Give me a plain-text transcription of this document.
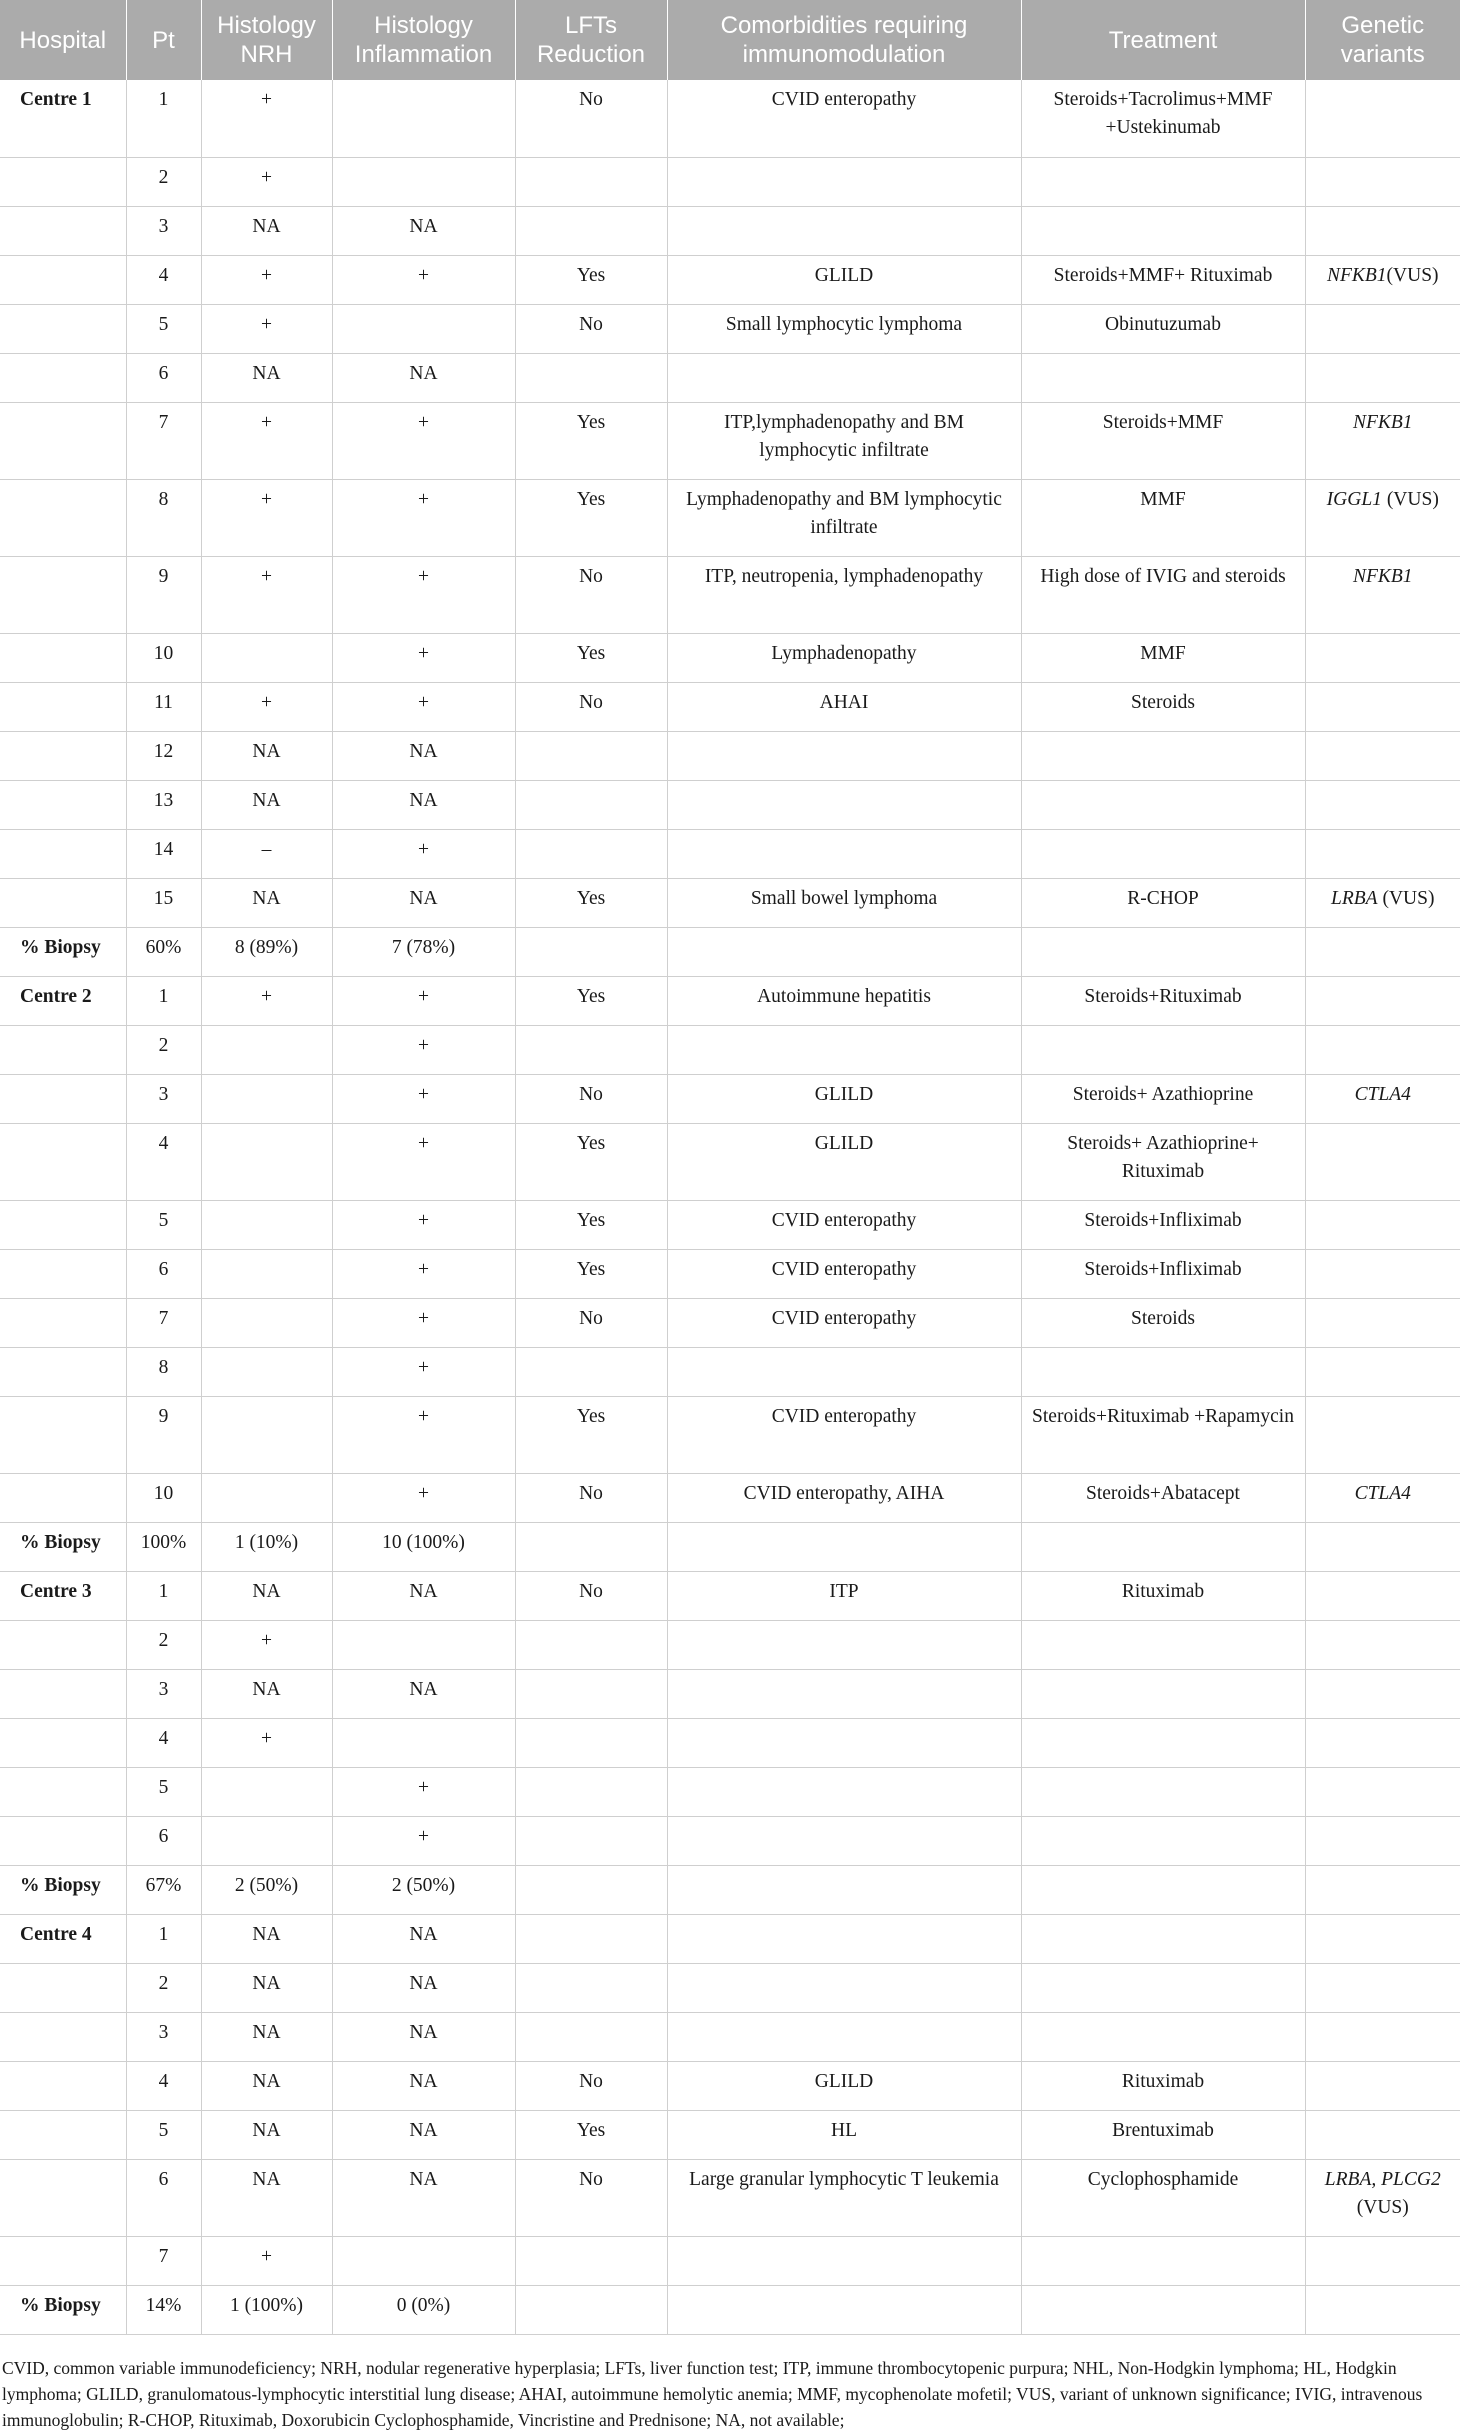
Hospital	Pt	Histology NRH	Histology Inflammation	LFTs Reduction	Comorbidities requiring immunomodulation	Treatment	Genetic variants
Centre 1	1	+		No	CVID enteropathy	Steroids+Tacrolimus+MMF +Ustekinumab	
	2	+					
	3	NA	NA				
	4	+	+	Yes	GLILD	Steroids+MMF+ Rituximab	NFKB1(VUS)
	5	+		No	Small lymphocytic lymphoma	Obinutuzumab	
	6	NA	NA				
	7	+	+	Yes	ITP,lymphadenopathy and BM lymphocytic infiltrate	Steroids+MMF	NFKB1
	8	+	+	Yes	Lymphadenopathy and BM lymphocytic infiltrate	MMF	IGGL1 (VUS)
	9	+	+	No	ITP, neutropenia, lymphadenopathy	High dose of IVIG and steroids	NFKB1
	10		+	Yes	Lymphadenopathy	MMF	
	11	+	+	No	AHAI	Steroids	
	12	NA	NA				
	13	NA	NA				
	14	–	+				
	15	NA	NA	Yes	Small bowel lymphoma	R-CHOP	LRBA (VUS)
% Biopsy	60%	8 (89%)	7 (78%)				
Centre 2	1	+	+	Yes	Autoimmune hepatitis	Steroids+Rituximab	
	2		+				
	3		+	No	GLILD	Steroids+ Azathioprine	CTLA4
	4		+	Yes	GLILD	Steroids+ Azathioprine+ Rituximab	
	5		+	Yes	CVID enteropathy	Steroids+Infliximab	
	6		+	Yes	CVID enteropathy	Steroids+Infliximab	
	7		+	No	CVID enteropathy	Steroids	
	8		+				
	9		+	Yes	CVID enteropathy	Steroids+Rituximab +Rapamycin	
	10		+	No	CVID enteropathy, AIHA	Steroids+Abatacept	CTLA4
% Biopsy	100%	1 (10%)	10 (100%)				
Centre 3	1	NA	NA	No	ITP	Rituximab	
	2	+					
	3	NA	NA				
	4	+					
	5		+				
	6		+				
% Biopsy	67%	2 (50%)	2 (50%)				
Centre 4	1	NA	NA				
	2	NA	NA				
	3	NA	NA				
	4	NA	NA	No	GLILD	Rituximab	
	5	NA	NA	Yes	HL	Brentuximab	
	6	NA	NA	No	Large granular lymphocytic T leukemia	Cyclophosphamide	LRBA, PLCG2 (VUS)
	7	+					
% Biopsy	14%	1 (100%)	0 (0%)				
CVID, common variable immunodeficiency; NRH, nodular regenerative hyperplasia; LFTs, liver function test; ITP, immune thrombocytopenic purpura; NHL, Non-Hodgkin lymphoma; HL, Hodgkin lymphoma; GLILD, granulomatous-lymphocytic interstitial lung disease; AHAI, autoimmune hemolytic anemia; MMF, mycophenolate mofetil; VUS, variant of unknown significance; IVIG, intravenous immunoglobulin; R-CHOP, Rituximab, Doxorubicin Cyclophosphamide, Vincristine and Prednisone; NA, not available;
